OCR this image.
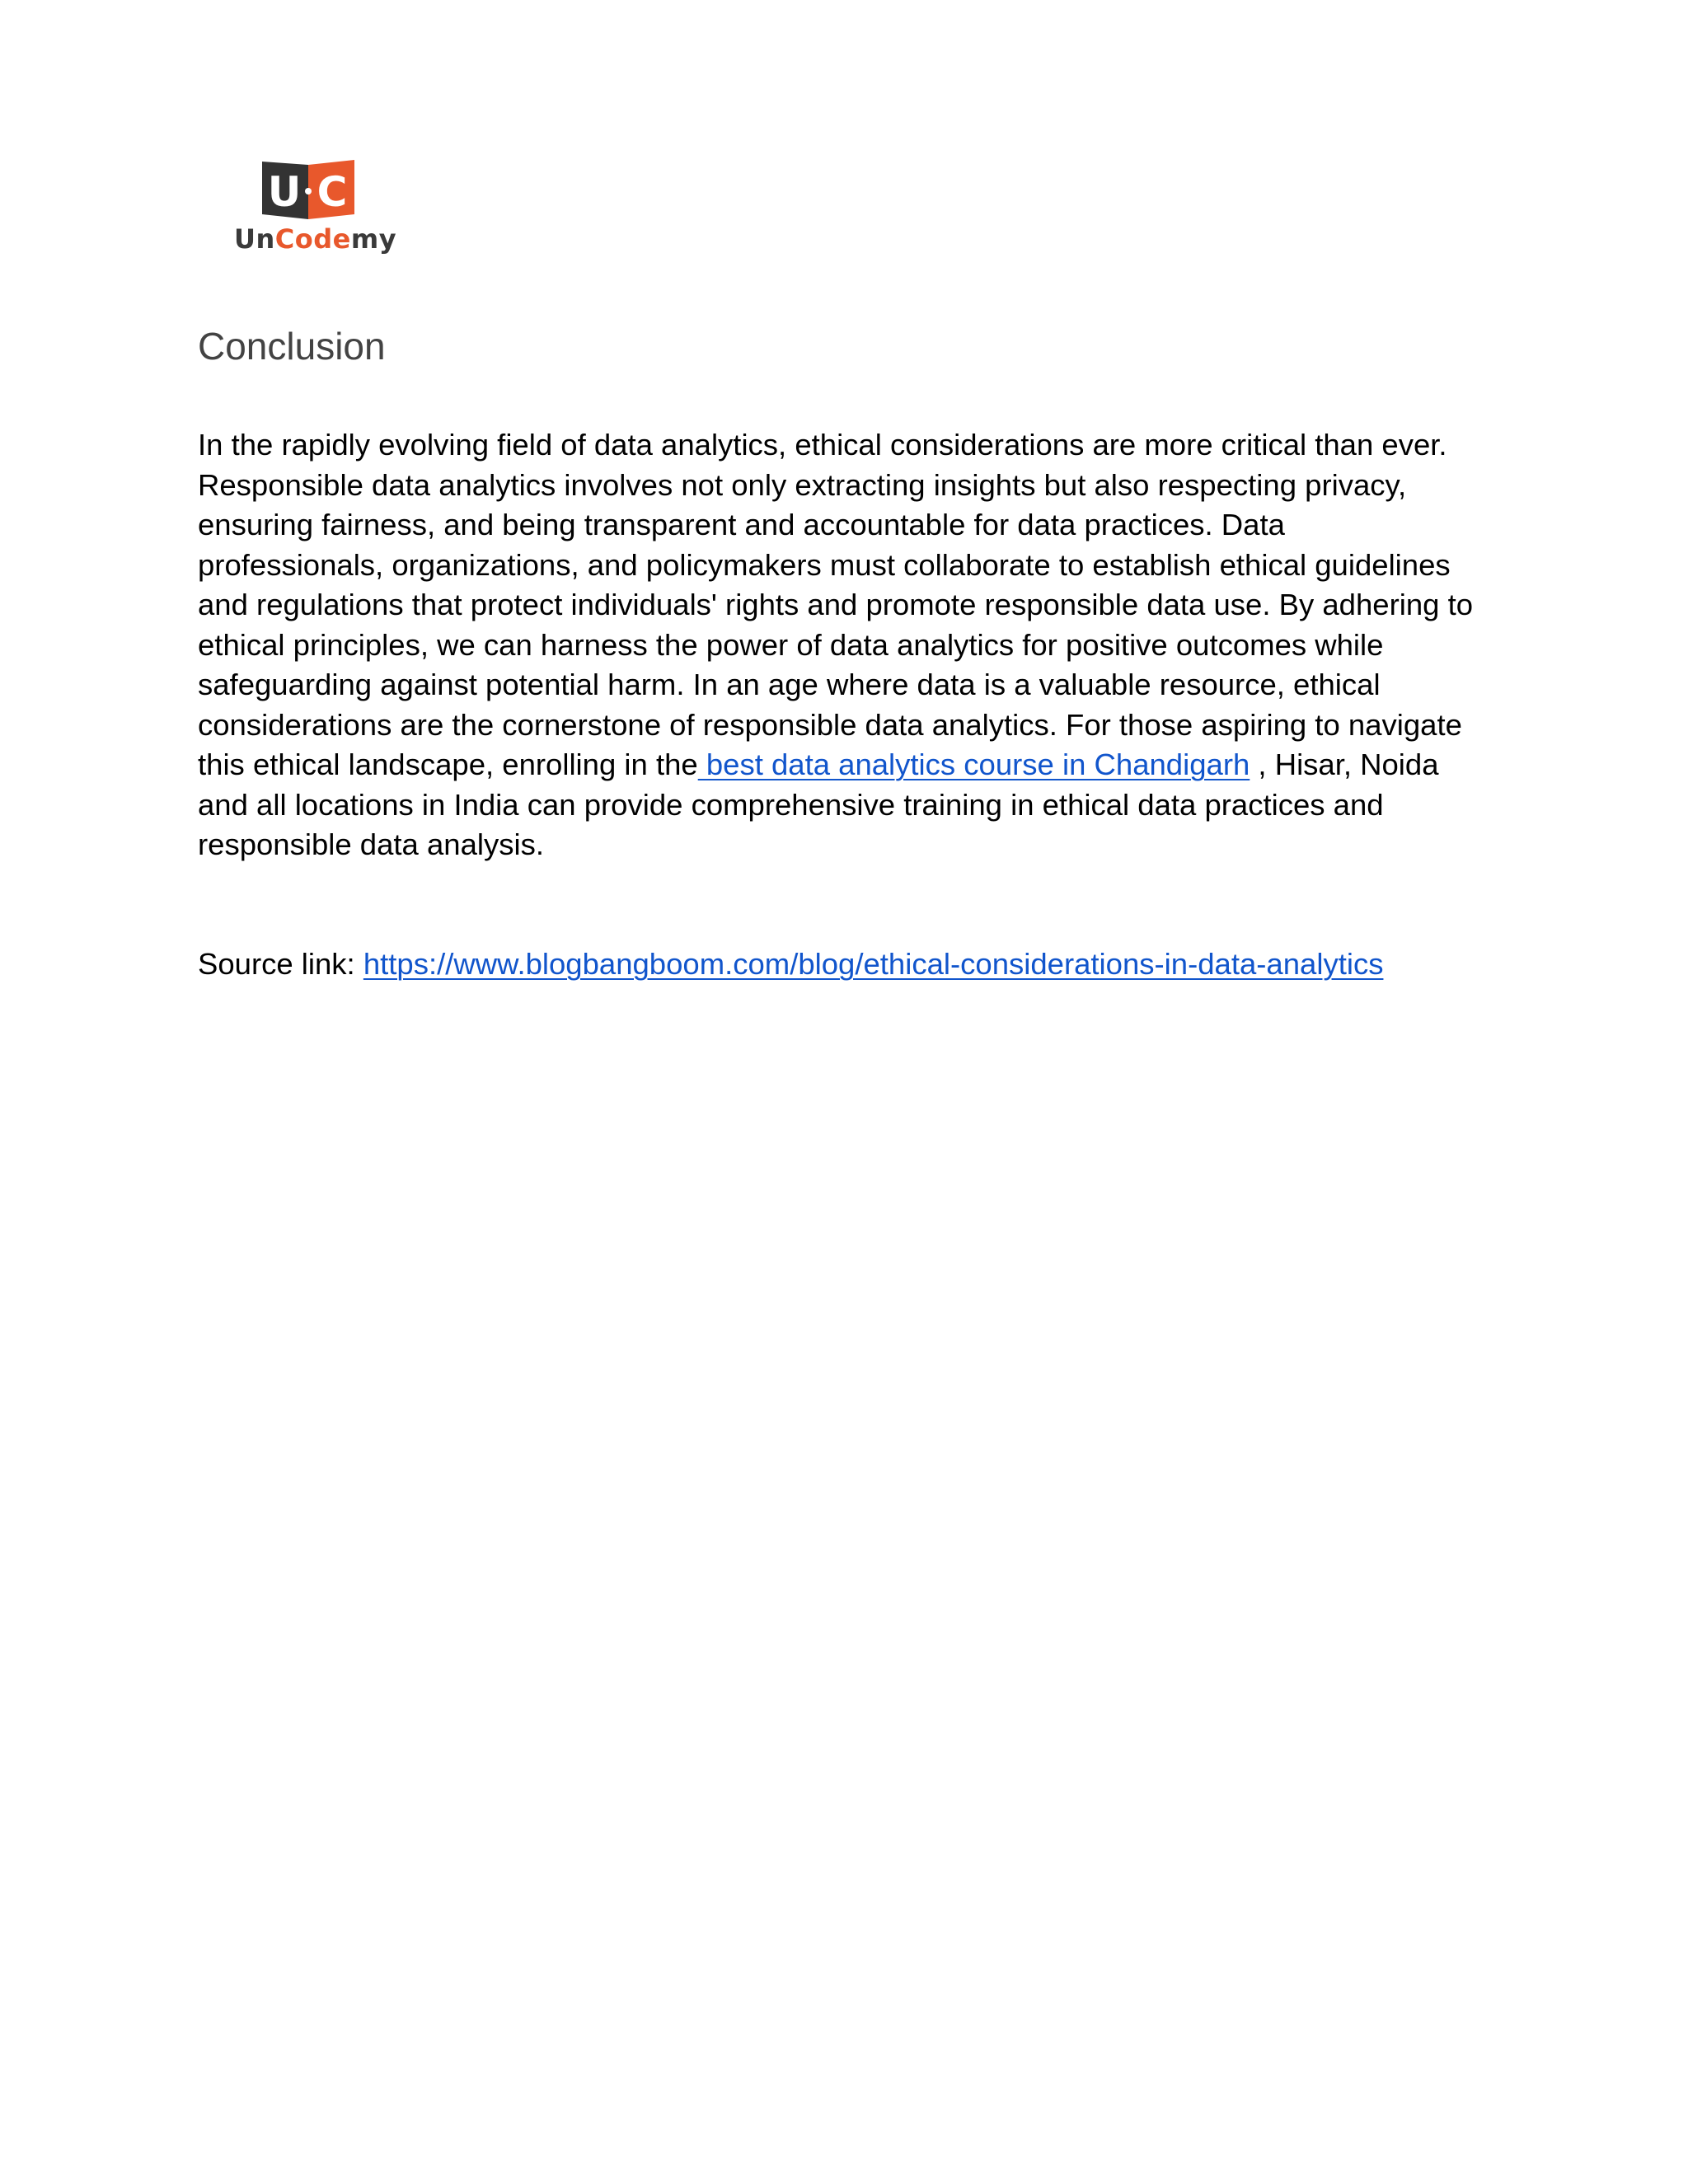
U C
UnCodemy
Conclusion

In the rapidly evolving field of data analytics, ethical considerations are more critical than ever.
Responsible data analytics involves not only extracting insights but also respecting privacy,
ensuring fairness, and being transparent and accountable for data practices. Data
professionals, organizations, and policymakers must collaborate to establish ethical guidelines
and regulations that protect individuals' rights and promote responsible data use. By adhering to
ethical principles, we can harness the power of data analytics for positive outcomes while
safeguarding against potential harm. In an age where data is a valuable resource, ethical
considerations are the cornerstone of responsible data analytics. For those aspiring to navigate
this ethical landscape, enrolling in the best data analytics course in Chandigarh , Hisar, Noida
and all locations in India can provide comprehensive training in ethical data practices and
responsible data analysis.

Source link: https://www.blogbangboom.com/blog/ethical-considerations-in-data-analytics
